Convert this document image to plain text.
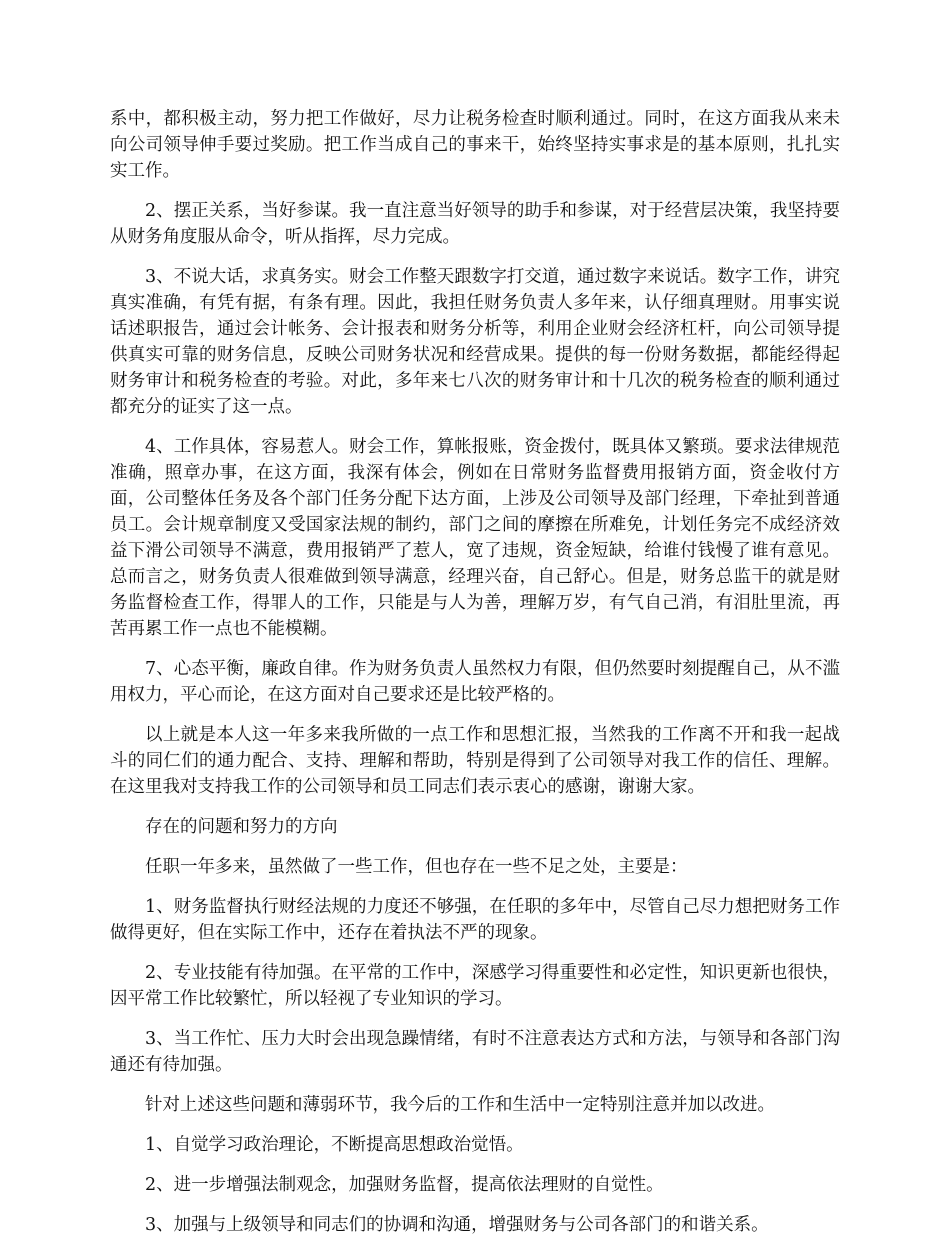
系中，都积极主动，努力把工作做好，尽力让税务检查时顺利通过。同时，在这方面我从来未向公司领导伸手要过奖励。把工作当成自己的事来干，始终坚持实事求是的基本原则，扎扎实实工作。

2、摆正关系，当好参谋。我一直注意当好领导的助手和参谋，对于经营层决策，我坚持要从财务角度服从命令，听从指挥，尽力完成。

3、不说大话，求真务实。财会工作整天跟数字打交道，通过数字来说话。数字工作，讲究真实准确，有凭有据，有条有理。因此，我担任财务负责人多年来，认仔细真理财。用事实说话述职报告，通过会计帐务、会计报表和财务分析等，利用企业财会经济杠杆，向公司领导提供真实可靠的财务信息，反映公司财务状况和经营成果。提供的每一份财务数据，都能经得起财务审计和税务检查的考验。对此，多年来七八次的财务审计和十几次的税务检查的顺利通过都充分的证实了这一点。

4、工作具体，容易惹人。财会工作，算帐报账，资金拨付，既具体又繁琐。要求法律规范准确，照章办事，在这方面，我深有体会，例如在日常财务监督费用报销方面，资金收付方面，公司整体任务及各个部门任务分配下达方面，上涉及公司领导及部门经理，下牵扯到普通员工。会计规章制度又受国家法规的制约，部门之间的摩擦在所难免，计划任务完不成经济效益下滑公司领导不满意，费用报销严了惹人，宽了违规，资金短缺，给谁付钱慢了谁有意见。总而言之，财务负责人很难做到领导满意，经理兴奋，自己舒心。但是，财务总监干的就是财务监督检查工作，得罪人的工作，只能是与人为善，理解万岁，有气自己消，有泪肚里流，再苦再累工作一点也不能模糊。

7、心态平衡，廉政自律。作为财务负责人虽然权力有限，但仍然要时刻提醒自己，从不滥用权力，平心而论，在这方面对自己要求还是比较严格的。

以上就是本人这一年多来我所做的一点工作和思想汇报，当然我的工作离不开和我一起战斗的同仁们的通力配合、支持、理解和帮助，特别是得到了公司领导对我工作的信任、理解。在这里我对支持我工作的公司领导和员工同志们表示衷心的感谢，谢谢大家。

存在的问题和努力的方向

任职一年多来，虽然做了一些工作，但也存在一些不足之处，主要是：

1、财务监督执行财经法规的力度还不够强，在任职的多年中，尽管自己尽力想把财务工作做得更好，但在实际工作中，还存在着执法不严的现象。

2、专业技能有待加强。在平常的工作中，深感学习得重要性和必定性，知识更新也很快，因平常工作比较繁忙，所以轻视了专业知识的学习。

3、当工作忙、压力大时会出现急躁情绪，有时不注意表达方式和方法，与领导和各部门沟通还有待加强。

针对上述这些问题和薄弱环节，我今后的工作和生活中一定特别注意并加以改进。

1、自觉学习政治理论，不断提高思想政治觉悟。

2、进一步增强法制观念，加强财务监督，提高依法理财的自觉性。

3、加强与上级领导和同志们的协调和沟通，增强财务与公司各部门的和谐关系。
